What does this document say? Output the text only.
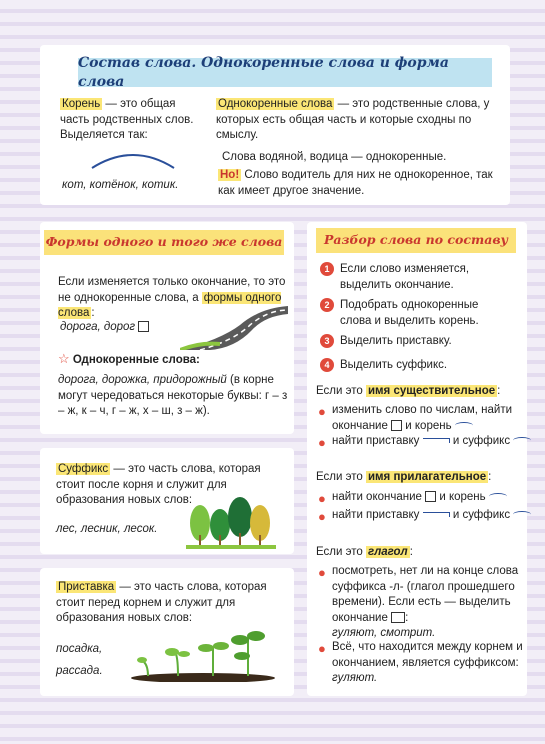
Состав слова. Однокоренные слова и форма слова
Корень — это общая часть родственных слов. Выделяется так:
кот, котёнок, котик.
Однокоренные слова — это родственные слова, у которых есть общая часть и которые сходны по смыслу.
Слова водяной, водица — однокоренные.
Но! Слово водитель для них не однокоренное, так как имеет другое значение.
Формы одного и того же слова
Если изменяется только окончание, то это не однокоренные слова, а формы одного слова :
дорога, дорог
☆ Однокоренные слова:
дорога, дорожка, придорожный (в корне могут чередоваться некоторые буквы: г – з – ж, к – ч, г – ж, х – ш, з – ж).
Суффикс — это часть слова, которая стоит после корня и служит для образования новых слов:
лес, лесник, лесок.
Приставка — это часть слова, которая стоит перед корнем и служит для образования новых слов:
посадка,
рассада.
Разбор слова по составу
1 Если слово изменяется, выделить окончание.
2 Подобрать однокоренные слова и выделить корень.
3 Выделить приставку.
4 Выделить суффикс.
Если это имя существительное :
● изменить слово по числам, найти окончание  и корень
● найти приставку	и суффикс
Если это имя прилагательное :
● найти окончание  и корень
● найти приставку	и суффикс
Если это глагол :
● посмотреть, нет ли на конце слова суффикса -л- (глагол прошедшего времени). Если есть — выделить окончание :
гуляют, смотрит.
● Всё, что находится между корнем и окончанием, является суффиксом: гуляют.
